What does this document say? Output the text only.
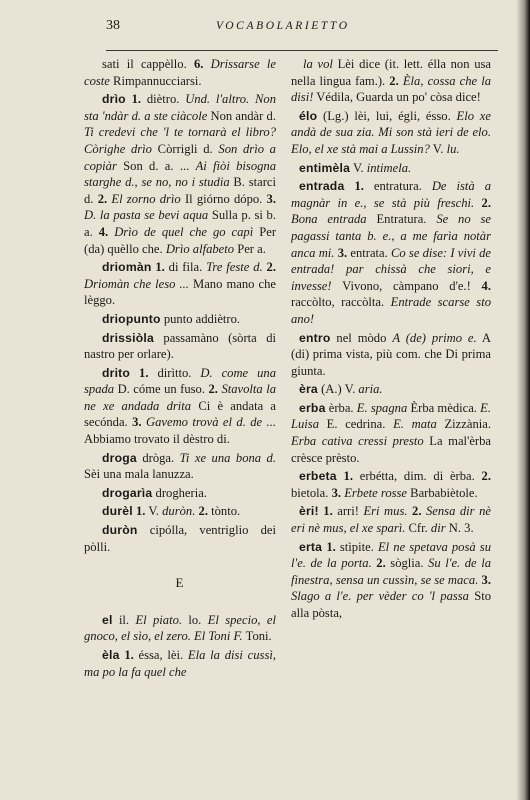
38	VOCABOLARIETTO

sati il cappèllo. 6. Drissarse le coste Rimpannucciarsi.

drìo 1. diètro. Und. l'altro. Non sta 'ndàr d. a ste ciàcole Non andàr d. Ti credevi che 'l te tornarà el libro? Còrighe drìo Còrrigli d. Son drìo a copiàr Son d. a. ... Ai fiòi bisogna starghe d., se no, no i studia B. starci d. 2. El zorno drìo Il giórno dópo. 3. D. la pasta se bevi aqua Sulla p. si b. a. 4. Drìo de quel che go capì Per (da) quèllo che. Drìo alfabeto Per a.

driomàn 1. di fila. Tre feste d. 2. Driomàn che leso ... Mano mano che lèggo.

driopunto punto addiètro.

drissiòla passamàno (sòrta di nastro per orlare).

drito 1. dirìtto. D. come una spada D. cóme un fuso. 2. Stavolta la ne xe andada drita Ci è andata a secónda. 3. Gavemo trovà el d. de ... Abbiamo trovato il dèstro di.

droga dròga. Ti xe una bona d. Sèi una mala lanuzza.

drogarìa drogheria.

durèl 1. V. duròn. 2. tònto.

duròn cipólla, ventriglio dei pòlli.

E

el il. El piato. lo. El specio, el gnoco, el sìo, el zero. El Toni F. Toni.

èla 1. éssa, lèi. Ela la disi cussì, ma po la fa quel che

la vol Lèi dice (it. lett. élla non usa nella lingua fam.). 2. Èla, cossa che la disi! Védila, Guarda un po' còsa dice!

élo (Lg.) lèi, lui, égli, ésso. Elo xe andà de sua zia. Mi son stà ieri de elo. Elo, el xe stà mai a Lussin? V. lu.

entimèla V. intimela.

entrada 1. entratura. De istà a magnàr in e., se stà più freschi. 2. Bona entrada Entratura. Se no se pagassi tanta b. e., a me farìa notàr anca mi. 3. entrata. Co se dise: I vivi de entrada! par chissà che siori, e invesse! Vivono, càmpano d'e.! 4. raccòlto, raccòlta. Entrade scarse sto ano!

entro nel mòdo A (de) primo e. A (di) prima vista, più com. che Di prima giunta.

èra (A.) V. aria.

erba èrba. E. spagna Èrba mèdica. E. Luisa E. cedrina. E. mata Zizzània. Erba cativa cressi presto La mal'èrba crèsce prèsto.

erbeta 1. erbétta, dim. di èrba. 2. bietola. 3. Erbete rosse Barbabiètole.

èri! 1. arri! Eri mus. 2. Sensa dir nè eri nè mus, el xe sparì. Cfr. dir N. 3.

erta 1. stìpite. El ne spetava posà su l'e. de la porta. 2. sòglia. Su l'e. de la finestra, sensa un cussìn, se se maca. 3. Slago a l'e. per vèder co 'l passa Sto alla pòsta,
